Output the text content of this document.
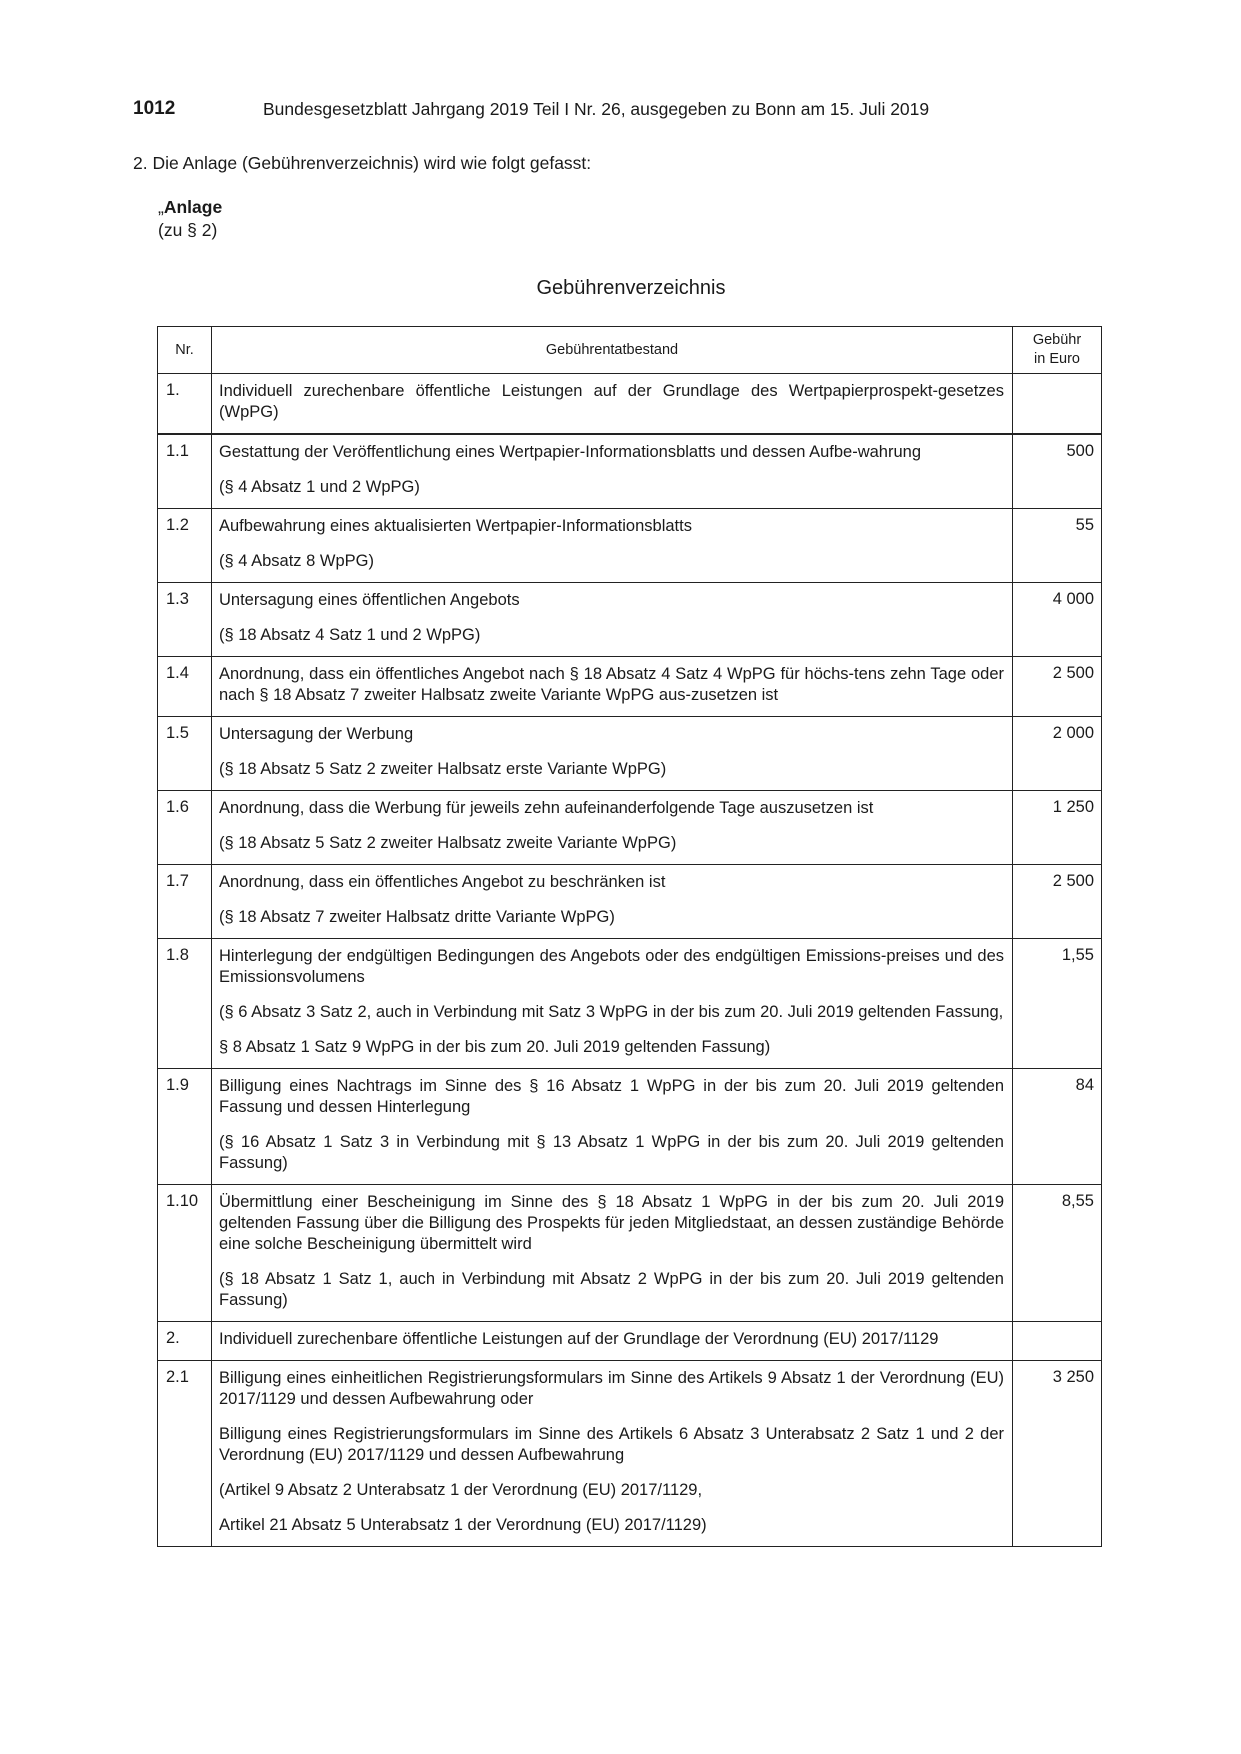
1012	Bundesgesetzblatt Jahrgang 2019 Teil I Nr. 26, ausgegeben zu Bonn am 15. Juli 2019
2. Die Anlage (Gebührenverzeichnis) wird wie folgt gefasst:
„Anlage
(zu § 2)
Gebührenverzeichnis
Nr.	Gebührentatbestand	Gebühr
in Euro
1.	Individuell zurechenbare öffentliche Leistungen auf der Grundlage des Wertpapierprospekt-gesetzes (WpPG)	

1.1	Gestattung der Veröffentlichung eines Wertpapier-Informationsblatts und dessen Aufbe-wahrung
(§ 4 Absatz 1 und 2 WpPG)	500
1.2	Aufbewahrung eines aktualisierten Wertpapier-Informationsblatts
(§ 4 Absatz 8 WpPG)	55
1.3	Untersagung eines öffentlichen Angebots
(§ 18 Absatz 4 Satz 1 und 2 WpPG)	4 000
1.4	Anordnung, dass ein öffentliches Angebot nach § 18 Absatz 4 Satz 4 WpPG für höchs-tens zehn Tage oder nach § 18 Absatz 7 zweiter Halbsatz zweite Variante WpPG aus-zusetzen ist	2 500
1.5	Untersagung der Werbung
(§ 18 Absatz 5 Satz 2 zweiter Halbsatz erste Variante WpPG)	2 000
1.6	Anordnung, dass die Werbung für jeweils zehn aufeinanderfolgende Tage auszusetzen ist
(§ 18 Absatz 5 Satz 2 zweiter Halbsatz zweite Variante WpPG)	1 250
1.7	Anordnung, dass ein öffentliches Angebot zu beschränken ist
(§ 18 Absatz 7 zweiter Halbsatz dritte Variante WpPG)	2 500
1.8	Hinterlegung der endgültigen Bedingungen des Angebots oder des endgültigen Emissions-preises und des Emissionsvolumens
(§ 6 Absatz 3 Satz 2, auch in Verbindung mit Satz 3 WpPG in der bis zum 20. Juli 2019 geltenden Fassung,
§ 8 Absatz 1 Satz 9 WpPG in der bis zum 20. Juli 2019 geltenden Fassung)	1,55
1.9	Billigung eines Nachtrags im Sinne des § 16 Absatz 1 WpPG in der bis zum 20. Juli 2019 geltenden Fassung und dessen Hinterlegung
(§ 16 Absatz 1 Satz 3 in Verbindung mit § 13 Absatz 1 WpPG in der bis zum 20. Juli 2019 geltenden Fassung)	84
1.10	Übermittlung einer Bescheinigung im Sinne des § 18 Absatz 1 WpPG in der bis zum 20. Juli 2019 geltenden Fassung über die Billigung des Prospekts für jeden Mitgliedstaat, an dessen zuständige Behörde eine solche Bescheinigung übermittelt wird
(§ 18 Absatz 1 Satz 1, auch in Verbindung mit Absatz 2 WpPG in der bis zum 20. Juli 2019 geltenden Fassung)	8,55
2.	Individuell zurechenbare öffentliche Leistungen auf der Grundlage der Verordnung (EU) 2017/1129	

2.1	Billigung eines einheitlichen Registrierungsformulars im Sinne des Artikels 9 Absatz 1 der Verordnung (EU) 2017/1129 und dessen Aufbewahrung oder
Billigung eines Registrierungsformulars im Sinne des Artikels 6 Absatz 3 Unterabsatz 2 Satz 1 und 2 der Verordnung (EU) 2017/1129 und dessen Aufbewahrung
(Artikel 9 Absatz 2 Unterabsatz 1 der Verordnung (EU) 2017/1129,
Artikel 21 Absatz 5 Unterabsatz 1 der Verordnung (EU) 2017/1129)	3 250
